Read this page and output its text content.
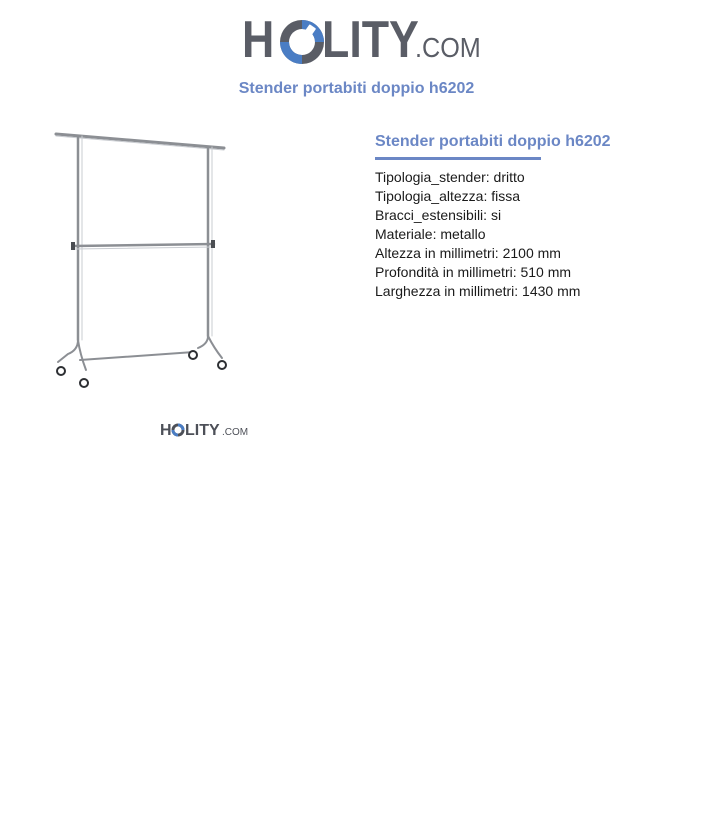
H LITY
.COM
Stender portabiti doppio h6202
H LITY .COM
Stender portabiti doppio h6202
Tipologia_stender: dritto
Tipologia_altezza: fissa
Bracci_estensibili: si
Materiale: metallo
Altezza in millimetri: 2100 mm
Profondità in millimetri: 510 mm
Larghezza in millimetri: 1430 mm
